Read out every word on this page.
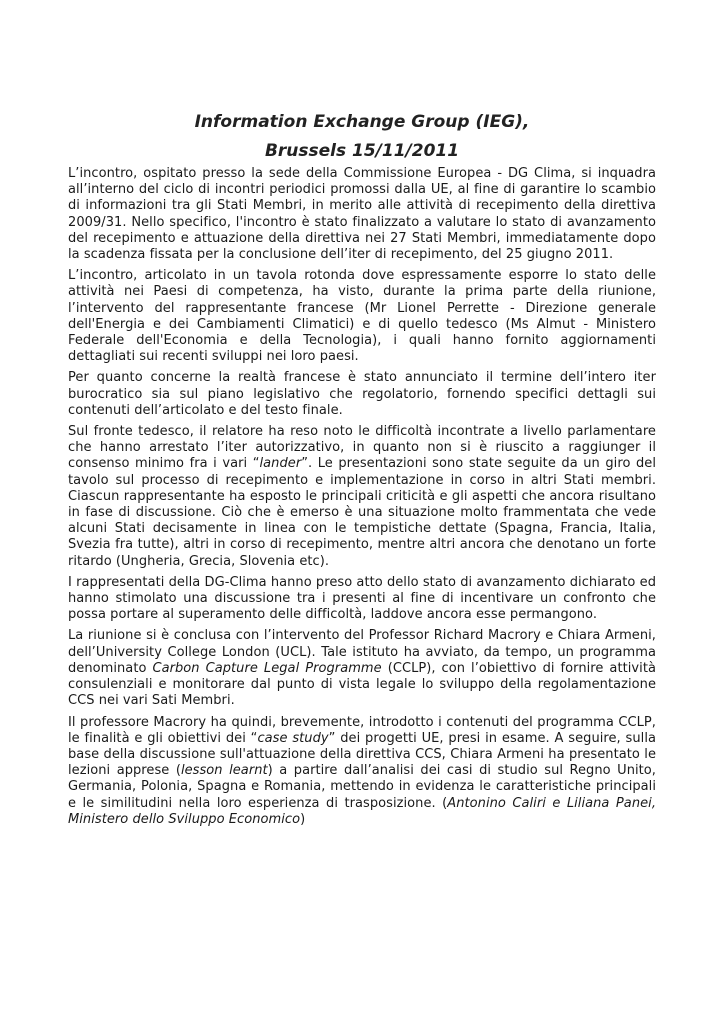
Information Exchange Group (IEG),
Brussels 15/11/2011

L’incontro, ospitato presso la sede della Commissione Europea - DG Clima, si inquadra all’interno del ciclo di incontri periodici promossi dalla UE, al fine di garantire lo scambio di informazioni tra gli Stati Membri, in merito alle attività di recepimento della direttiva 2009/31. Nello specifico, l'incontro è stato finalizzato a valutare lo stato di avanzamento del recepimento e attuazione della direttiva nei 27 Stati Membri, immediatamente dopo la scadenza fissata per la conclusione dell’iter di recepimento, del 25 giugno 2011.

L’incontro, articolato in un tavola rotonda dove espressamente esporre lo stato delle attività nei Paesi di competenza, ha visto, durante la prima parte della riunione, l’intervento del rappresentante francese (Mr Lionel Perrette - Direzione generale dell'Energia e dei Cambiamenti Climatici) e di quello tedesco (Ms Almut - Ministero Federale dell'Economia e della Tecnologia), i quali hanno fornito aggiornamenti dettagliati sui recenti sviluppi nei loro paesi.

Per quanto concerne la realtà francese è stato annunciato il termine dell’intero iter burocratico sia sul piano legislativo che regolatorio, fornendo specifici dettagli sui contenuti dell’articolato e del testo finale.

Sul fronte tedesco, il relatore ha reso noto le difficoltà incontrate a livello parlamentare che hanno arrestato l’iter autorizzativo, in quanto non si è riuscito a raggiunger il consenso minimo fra i vari “lander”. Le presentazioni sono state seguite da un giro del tavolo sul processo di recepimento e implementazione in corso in altri Stati membri. Ciascun rappresentante ha esposto le principali criticità e gli aspetti che ancora risultano in fase di discussione. Ciò che è emerso è una situazione molto frammentata che vede alcuni Stati decisamente in linea con le tempistiche dettate (Spagna, Francia, Italia, Svezia fra tutte), altri in corso di recepimento, mentre altri ancora che denotano un forte ritardo (Ungheria, Grecia, Slovenia etc).

I rappresentati della DG-Clima hanno preso atto dello stato di avanzamento dichiarato ed hanno stimolato una discussione tra i presenti al fine di incentivare un confronto che possa portare al superamento delle difficoltà, laddove ancora esse permangono.

La riunione si è conclusa con l’intervento del Professor Richard Macrory e Chiara Armeni, dell’University College London (UCL). Tale istituto ha avviato, da tempo, un programma denominato Carbon Capture Legal Programme (CCLP), con l’obiettivo di fornire attività consulenziali e monitorare dal punto di vista legale lo sviluppo della regolamentazione CCS nei vari Sati Membri.

Il professore Macrory ha quindi, brevemente, introdotto i contenuti del programma CCLP, le finalità e gli obiettivi dei “case study” dei progetti UE, presi in esame. A seguire, sulla base della discussione sull'attuazione della direttiva CCS, Chiara Armeni ha presentato le lezioni apprese (lesson learnt) a partire dall’analisi dei casi di studio sul Regno Unito, Germania, Polonia, Spagna e Romania, mettendo in evidenza le caratteristiche principali e le similitudini nella loro esperienza di trasposizione. (Antonino Caliri e Liliana Panei, Ministero dello Sviluppo Economico)
